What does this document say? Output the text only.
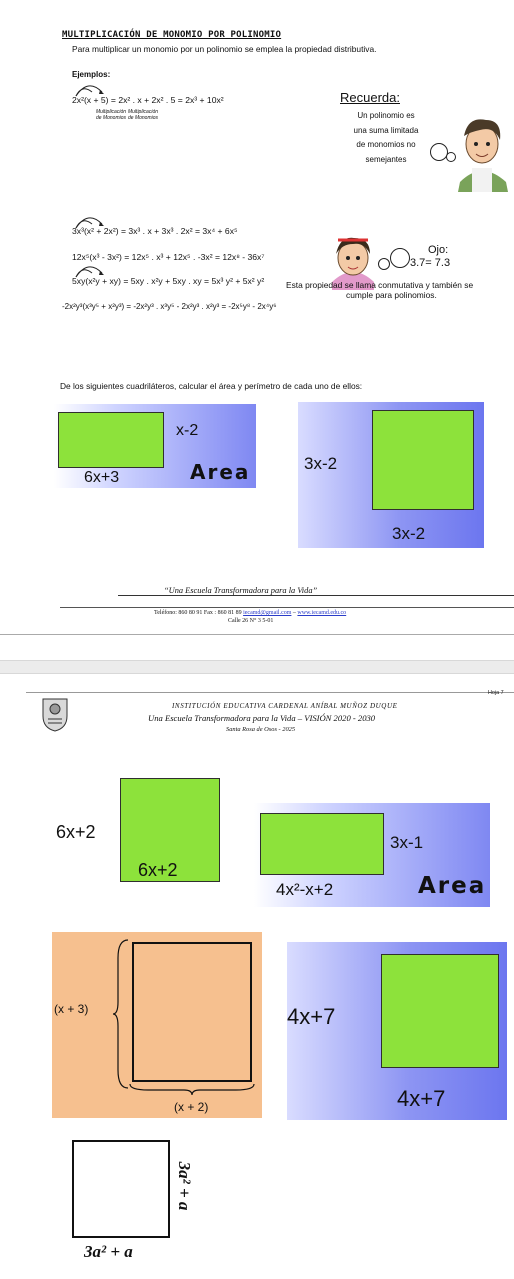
MULTIPLICACIÓN DE MONOMIO POR POLINOMIO
Para multiplicar un monomio por un polinomio se emplea la propiedad distributiva.
Ejemplos:
2x²(x + 5) = 2x² . x + 2x² . 5 = 2x³ + 10x²
Multiplicación de Monomios
Multiplicación de Monomios
Recuerda:
Un polinomio es
una suma limitada
de monomios no
semejantes
3x³(x² + 2x²) = 3x³ . x + 3x³ . 2x² = 3x⁴ + 6x⁵
12x⁵(x³ - 3x²) = 12x⁵ . x³ + 12x⁵ . -3x² = 12x⁸ - 36x⁷
5xy(x²y + xy) = 5xy . x²y + 5xy . xy = 5x³ y² + 5x² y²
-2x²y³(x³y⁵ + x²y³) = -2x²y³ . x³y⁵ - 2x²y³ . x²y³ = -2x⁵y⁸ - 2x⁴y⁶
Ojo:
3.7= 7.3
Esta propiedad se llama conmutativa y también se
cumple para polinomios.
De los siguientes cuadriláteros, calcular el área y perímetro de cada uno de ellos:
x-2
6x+3	Area	3x-2
3x-2
“Una Escuela Transformadora para la Vida”
Teléfono: 860 80 91 Fax : 860 81 89 iecamd@gmail.com – www.iecamd.edu.co
Calle 26 N° 3 5-01
Hoja 7
INSTITUCIÓN EDUCATIVA CARDENAL ANÍBAL MUÑOZ DUQUE
Una Escuela Transformadora para la Vida – VISIÓN 2020 - 2030
Santa Rosa de Osos - 2025
6x+2
6x+2
3x-1
4x²-x+2	Area
(x + 3)
(x + 2)
4x+7
4x+7
3a² + a
3a² + a
